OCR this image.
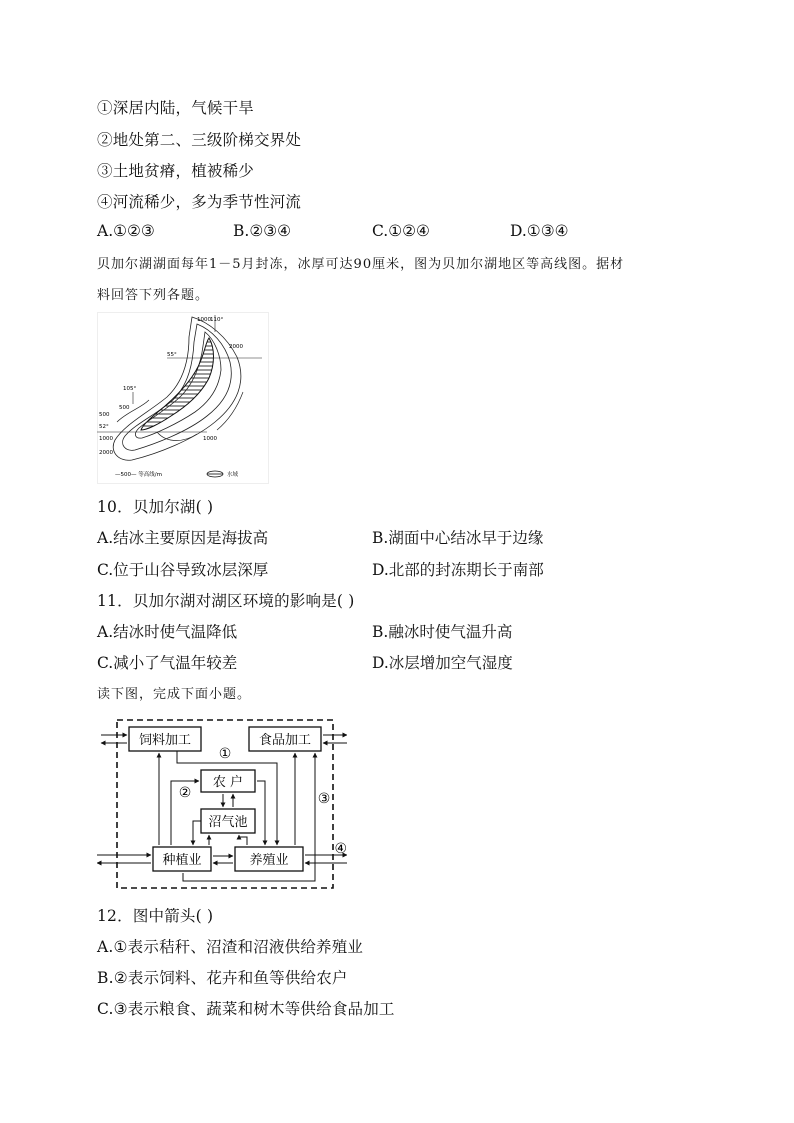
①深居内陆，气候干旱
②地处第二、三级阶梯交界处
③土地贫瘠，植被稀少
④河流稀少，多为季节性河流
A.①②③	B.②③④	C.①②④	D.①③④
贝加尔湖湖面每年1－5月封冻，冰厚可达90厘米，图为贝加尔湖地区等高线图。据材
料回答下列各题。
1000 110°
2000
55°
105°
500
500
52°
1000	1000
2000
—500— 等高线/m	水域
10．贝加尔湖( )
A.结冰主要原因是海拔高	B.湖面中心结冰早于边缘
C.位于山谷导致冰层深厚	D.北部的封冻期长于南部
11．贝加尔湖对湖区环境的影响是( )
A.结冰时使气温降低	B.融冰时使气温升高
C.减小了气温年较差	D.冰层增加空气湿度
读下图，完成下面小题。
饲料加工	食品加工
农 户
沼气池
种植业	养殖业
①
②	③
④
12．图中箭头( )
A.①表示秸秆、沼渣和沼液供给养殖业
B.②表示饲料、花卉和鱼等供给农户
C.③表示粮食、蔬菜和树木等供给食品加工
